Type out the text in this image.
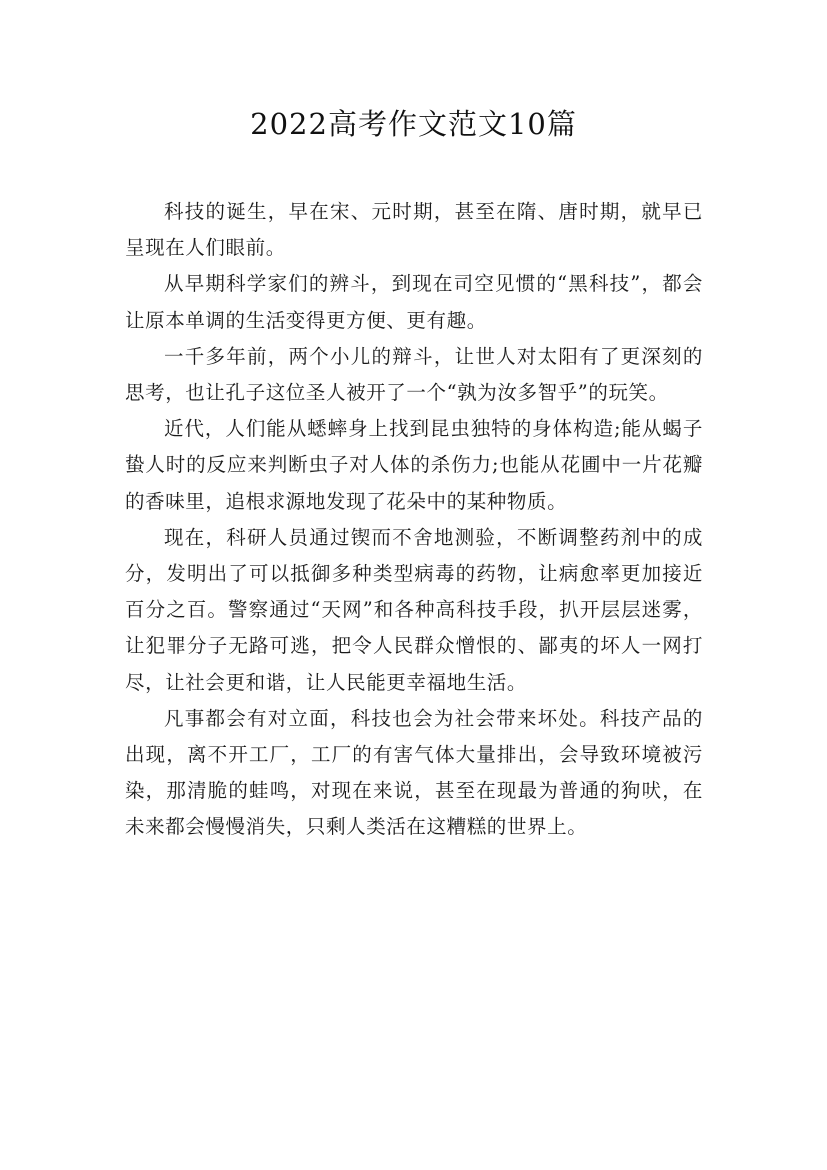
2022高考作文范文10篇

科技的诞生，早在宋、元时期，甚至在隋、唐时期，就早已呈现在人们眼前。

从早期科学家们的辨斗，到现在司空见惯的“黑科技”，都会让原本单调的生活变得更方便、更有趣。

一千多年前，两个小儿的辩斗，让世人对太阳有了更深刻的思考，也让孔子这位圣人被开了一个“孰为汝多智乎”的玩笑。

近代，人们能从蟋蟀身上找到昆虫独特的身体构造;能从蝎子蛰人时的反应来判断虫子对人体的杀伤力;也能从花圃中一片花瓣的香味里，追根求源地发现了花朵中的某种物质。

现在，科研人员通过锲而不舍地测验，不断调整药剂中的成分，发明出了可以抵御多种类型病毒的药物，让病愈率更加接近百分之百。警察通过“天网”和各种高科技手段，扒开层层迷雾，让犯罪分子无路可逃，把令人民群众憎恨的、鄙夷的坏人一网打尽，让社会更和谐，让人民能更幸福地生活。

凡事都会有对立面，科技也会为社会带来坏处。科技产品的出现，离不开工厂，工厂的有害气体大量排出，会导致环境被污染，那清脆的蛙鸣，对现在来说，甚至在现最为普通的狗吠，在未来都会慢慢消失，只剩人类活在这糟糕的世界上。
